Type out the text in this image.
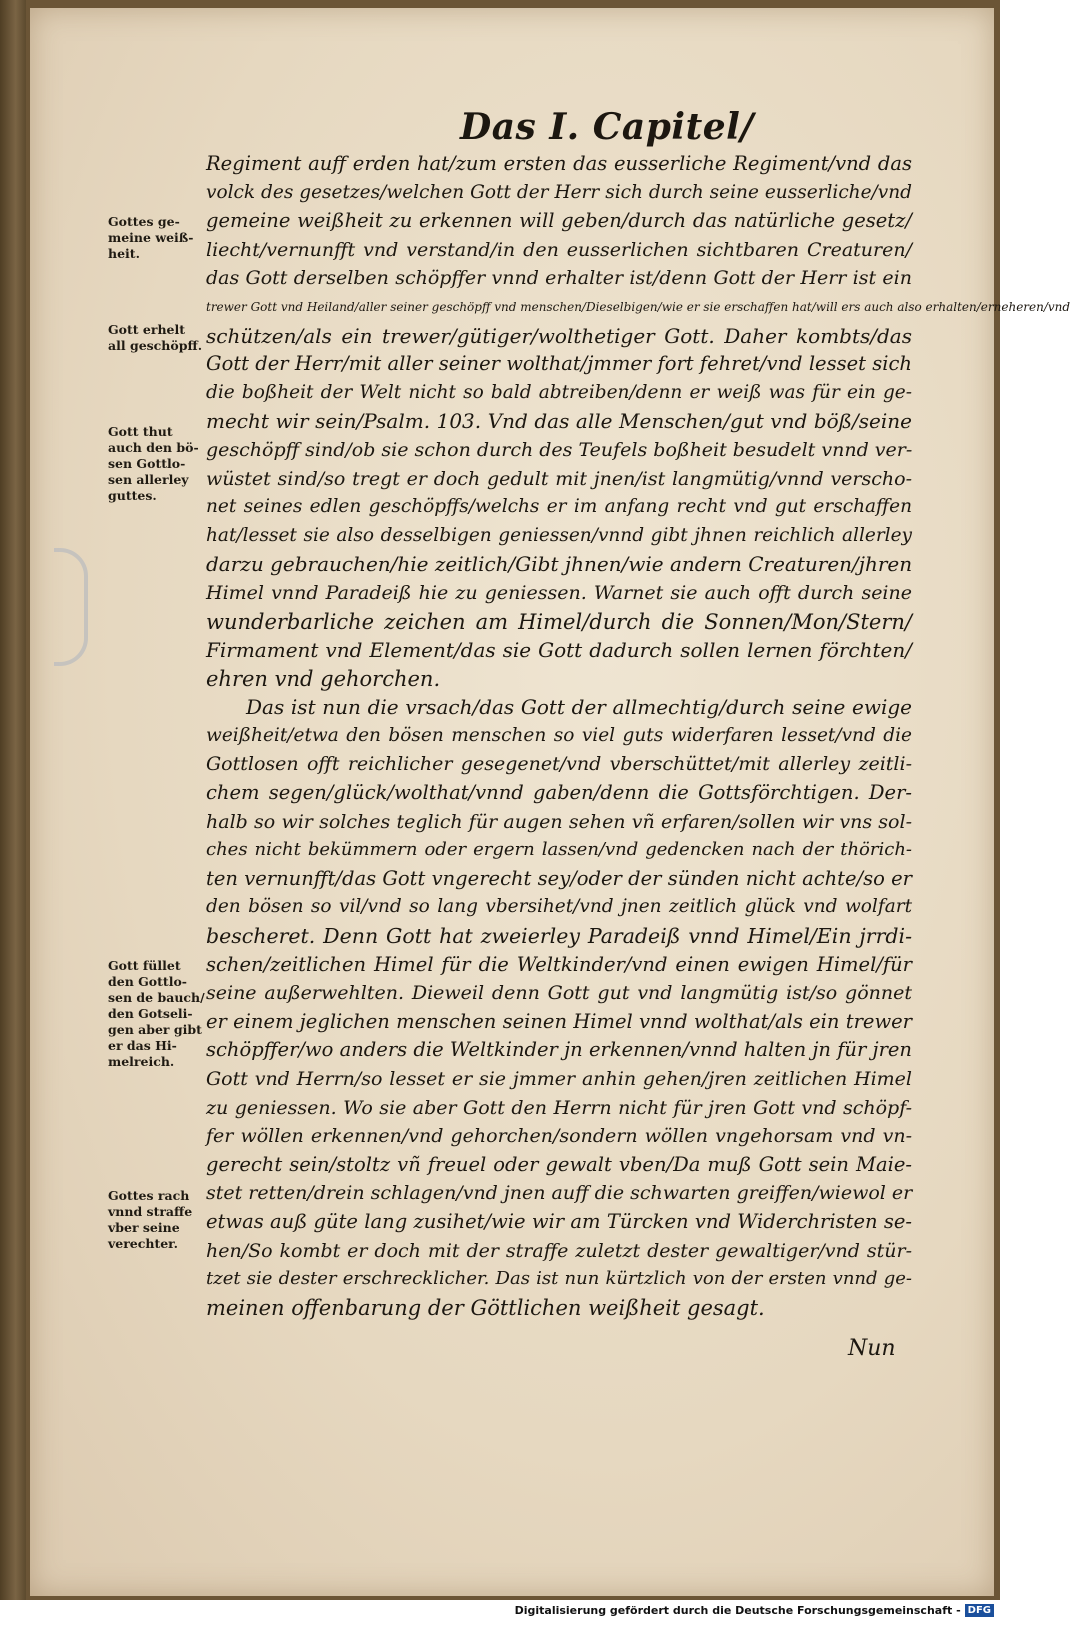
Das I. Capitel/
Regiment auff erden hat/zum ersten das eusserliche Regiment/vnd das
volck des gesetzes/welchen Gott der Herr sich durch seine eusserliche/vnd
gemeine weißheit zu erkennen will geben/durch das natürliche gesetz/
liecht/vernunfft vnd verstand/in den eusserlichen sichtbaren Creaturen/
das Gott derselben schöpffer vnnd erhalter ist/denn Gott der Herr ist ein
trewer Gott vnd Heiland/aller seiner geschöpff vnd menschen/Dieselbigen/wie er sie erschaffen hat/will ers auch also erhalten/erneheren/vnd
schützen/als ein trewer/gütiger/wolthetiger Gott. Daher kombts/das
Gott der Herr/mit aller seiner wolthat/jmmer fort fehret/vnd lesset sich
die boßheit der Welt nicht so bald abtreiben/denn er weiß was für ein ge-
mecht wir sein/Psalm. 103. Vnd das alle Menschen/gut vnd böß/seine
geschöpff sind/ob sie schon durch des Teufels boßheit besudelt vnnd ver-
wüstet sind/so tregt er doch gedult mit jnen/ist langmütig/vnnd verscho-
net seines edlen geschöpffs/welchs er im anfang recht vnd gut erschaffen
hat/lesset sie also desselbigen geniessen/vnnd gibt jhnen reichlich allerley
darzu gebrauchen/hie zeitlich/Gibt jhnen/wie andern Creaturen/jhren
Himel vnnd Paradeiß hie zu geniessen. Warnet sie auch offt durch seine
wunderbarliche zeichen am Himel/durch die Sonnen/Mon/Stern/
Firmament vnd Element/das sie Gott dadurch sollen lernen förchten/
ehren vnd gehorchen.
Das ist nun die vrsach/das Gott der allmechtig/durch seine ewige
weißheit/etwa den bösen menschen so viel guts widerfaren lesset/vnd die
Gottlosen offt reichlicher gesegenet/vnd vberschüttet/mit allerley zeitli-
chem segen/glück/wolthat/vnnd gaben/denn die Gottsförchtigen. Der-
halb so wir solches teglich für augen sehen vñ erfaren/sollen wir vns sol-
ches nicht bekümmern oder ergern lassen/vnd gedencken nach der thörich-
ten vernunfft/das Gott vngerecht sey/oder der sünden nicht achte/so er
den bösen so vil/vnd so lang vbersihet/vnd jnen zeitlich glück vnd wolfart
bescheret. Denn Gott hat zweierley Paradeiß vnnd Himel/Ein jrrdi-
schen/zeitlichen Himel für die Weltkinder/vnd einen ewigen Himel/für
seine außerwehlten. Dieweil denn Gott gut vnd langmütig ist/so gönnet
er einem jeglichen menschen seinen Himel vnnd wolthat/als ein trewer
schöpffer/wo anders die Weltkinder jn erkennen/vnnd halten jn für jren
Gott vnd Herrn/so lesset er sie jmmer anhin gehen/jren zeitlichen Himel
zu geniessen. Wo sie aber Gott den Herrn nicht für jren Gott vnd schöpf-
fer wöllen erkennen/vnd gehorchen/sondern wöllen vngehorsam vnd vn-
gerecht sein/stoltz vñ freuel oder gewalt vben/Da muß Gott sein Maie-
stet retten/drein schlagen/vnd jnen auff die schwarten greiffen/wiewol er
etwas auß güte lang zusihet/wie wir am Türcken vnd Widerchristen se-
hen/So kombt er doch mit der straffe zuletzt dester gewaltiger/vnd stür-
tzet sie dester erschrecklicher. Das ist nun kürtzlich von der ersten vnnd ge-
meinen offenbarung der Göttlichen weißheit gesagt.
Gottes ge-
meine weiß-
heit.
Gott erhelt
all geschöpff.
Gott thut
auch den bö-
sen Gottlo-
sen allerley
guttes.
Gott füllet
den Gottlo-
sen de bauch/
den Gotseli-
gen aber gibt
er das Hi-
melreich.
Gottes rach
vnnd straffe
vber seine
verechter.
Nun
Digitalisierung gefördert durch die Deutsche Forschungsgemeinschaft - DFG
